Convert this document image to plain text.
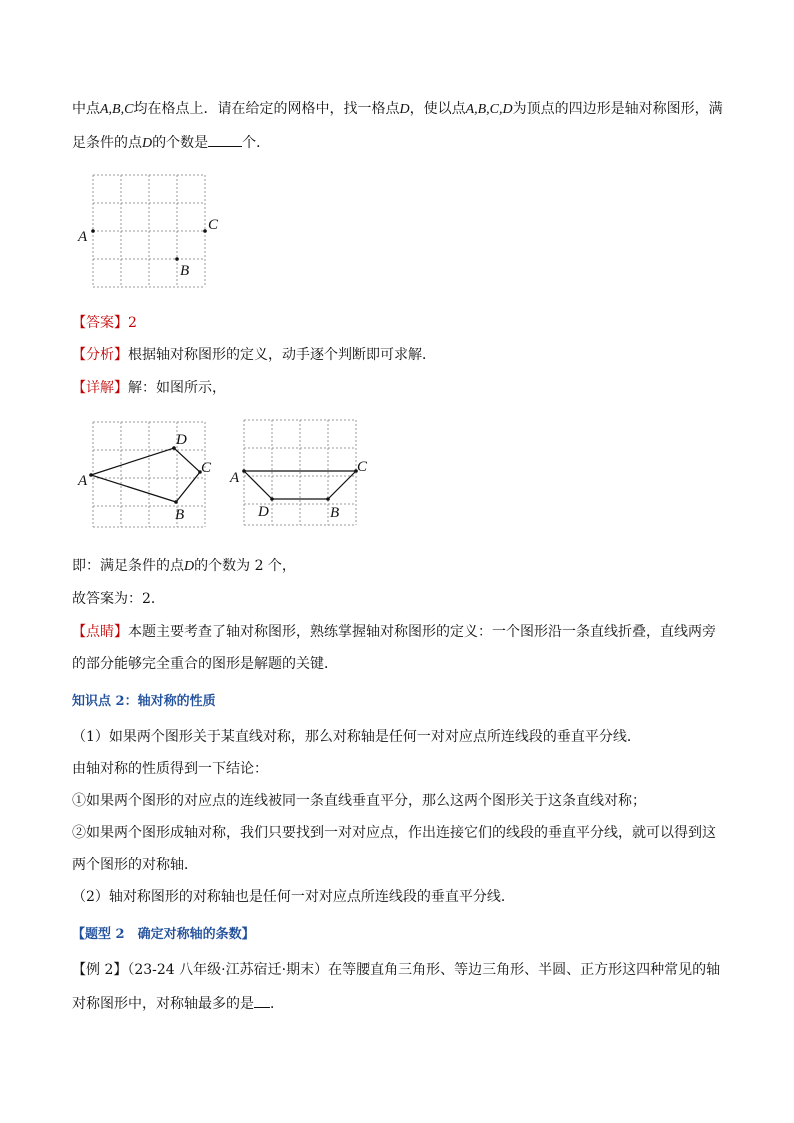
中点A,B,C均在格点上．请在给定的网格中，找一格点D，使以点A,B,C,D为顶点的四边形是轴对称图形，满
足条件的点D的个数是 个．
A
B
C
【答案】2
【分析】根据轴对称图形的定义，动手逐个判断即可求解．
【详解】解：如图所示，
A
D
C
B
A
C
D	B
即：满足条件的点D的个数为 2 个，
故答案为：2．
【点睛】本题主要考查了轴对称图形，熟练掌握轴对称图形的定义：一个图形沿一条直线折叠，直线两旁
的部分能够完全重合的图形是解题的关键．
知识点 2：轴对称的性质
（1）如果两个图形关于某直线对称，那么对称轴是任何一对对应点所连线段的垂直平分线．
由轴对称的性质得到一下结论：
①如果两个图形的对应点的连线被同一条直线垂直平分，那么这两个图形关于这条直线对称；
②如果两个图形成轴对称，我们只要找到一对对应点，作出连接它们的线段的垂直平分线，就可以得到这
两个图形的对称轴．
（2）轴对称图形的对称轴也是任何一对对应点所连线段的垂直平分线．
【题型 2　确定对称轴的条数】
【例 2】（23-24 八年级·江苏宿迁·期末）在等腰直角三角形、等边三角形、半圆、正方形这四种常见的轴
对称图形中，对称轴最多的是 ．
